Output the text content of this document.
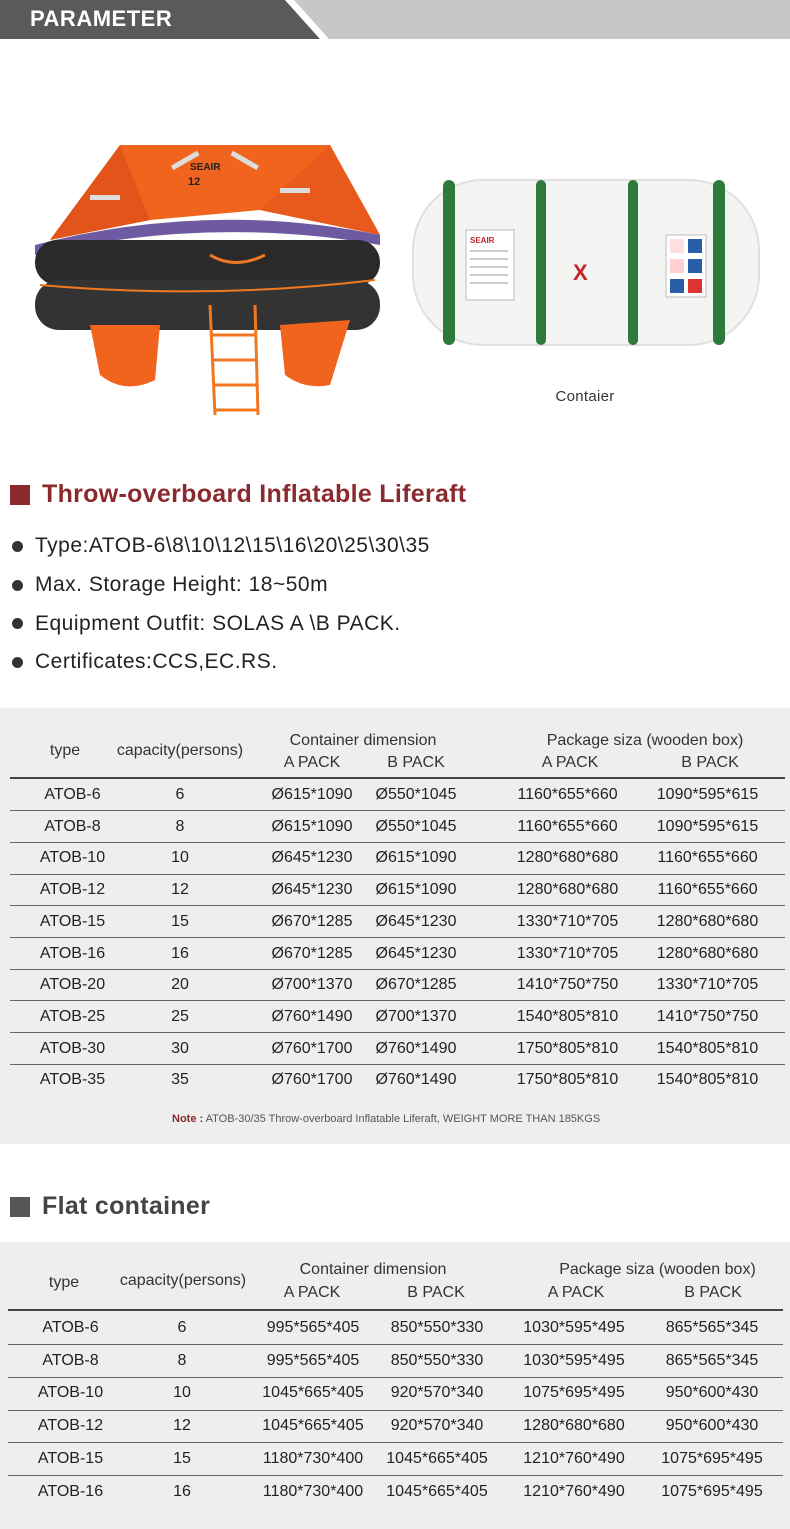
PARAMETER
SEAIR
12
SEAIR
X
Contaier
Throw-overboard Inflatable Liferaft
Type:ATOB-6\8\10\12\15\16\20\25\30\35
Max. Storage Height: 18~50m
Equipment Outfit: SOLAS A \B PACK.
Certificates:CCS,EC.RS.
type	capacity(persons)
Container dimension	Package siza (wooden box)
A PACK	B PACK	A PACK	B PACK
ATOB-6	6	Ø615*1090	Ø550*1045	1160*655*660	1090*595*615
ATOB-8	8	Ø615*1090	Ø550*1045	1160*655*660	1090*595*615
ATOB-10	10	Ø645*1230	Ø615*1090	1280*680*680	1160*655*660
ATOB-12	12	Ø645*1230	Ø615*1090	1280*680*680	1160*655*660
ATOB-15	15	Ø670*1285	Ø645*1230	1330*710*705	1280*680*680
ATOB-16	16	Ø670*1285	Ø645*1230	1330*710*705	1280*680*680
ATOB-20	20	Ø700*1370	Ø670*1285	1410*750*750	1330*710*705
ATOB-25	25	Ø760*1490	Ø700*1370	1540*805*810	1410*750*750
ATOB-30	30	Ø760*1700	Ø760*1490	1750*805*810	1540*805*810
ATOB-35	35	Ø760*1700	Ø760*1490	1750*805*810	1540*805*810
Note : ATOB-30/35 Throw-overboard Inflatable Liferaft, WEIGHT MORE THAN 185KGS
Flat container
type	capacity(persons)
Container dimension	Package siza (wooden box)
A PACK	B PACK	A PACK	B PACK
ATOB-6	6	995*565*405	850*550*330	1030*595*495	865*565*345
ATOB-8	8	995*565*405	850*550*330	1030*595*495	865*565*345
ATOB-10	10	1045*665*405	920*570*340	1075*695*495	950*600*430
ATOB-12	12	1045*665*405	920*570*340	1280*680*680	950*600*430
ATOB-15	15	1180*730*400	1045*665*405	1210*760*490	1075*695*495
ATOB-16	16	1180*730*400	1045*665*405	1210*760*490	1075*695*495
